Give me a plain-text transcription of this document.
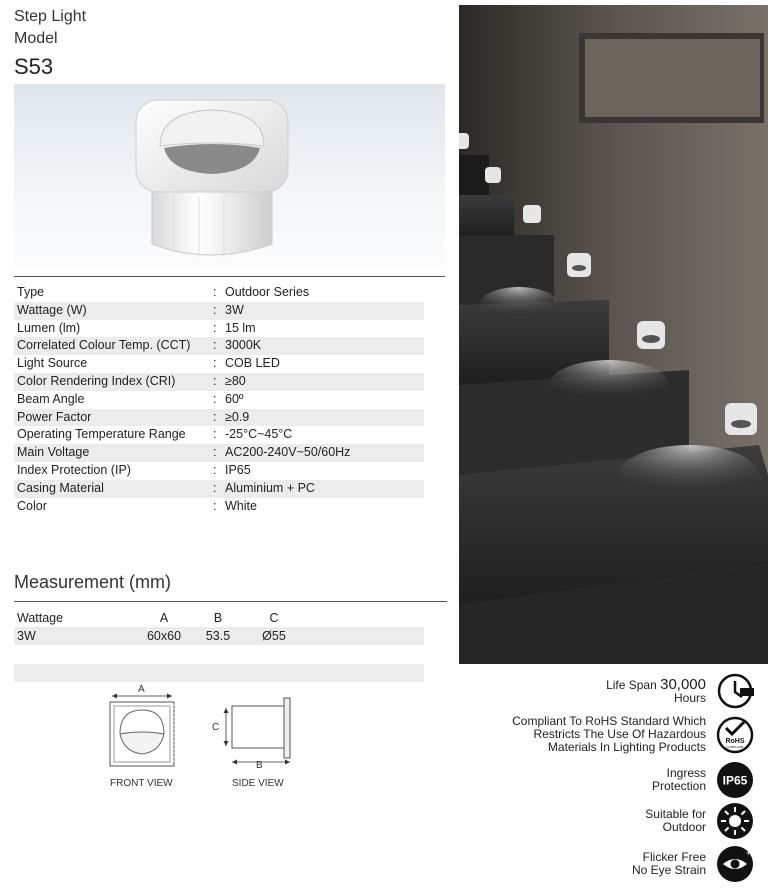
Step Light
Model
S53
Type	: Outdoor Series
Wattage (W)	: 3W
Lumen (lm)	: 15 lm
Correlated Colour Temp. (CCT)	: 3000K
Light Source	: COB LED
Color Rendering Index (CRI)	: ≥80
Beam Angle	: 60º
Power Factor	: ≥0.9
Operating Temperature Range	: -25°C~45°C
Main Voltage	: AC200-240V~50/60Hz
Index Protection (IP)	: IP65
Casing Material	: Aluminium + PC
Color	: White
Measurement (mm)
Wattage	A	B	C
3W	60x60	53.5	Ø55
A
C
B
FRONT VIEW	SIDE VIEW
Life Span 30,000
Hours
Compliant To RoHS Standard Which
Restricts The Use Of Hazardous
Materials In Lighting Products	RoHS
COMPLIANT
Ingress
Protection IP65
Suitable for
Outdoor
Flicker Free
No Eye Strain
+
